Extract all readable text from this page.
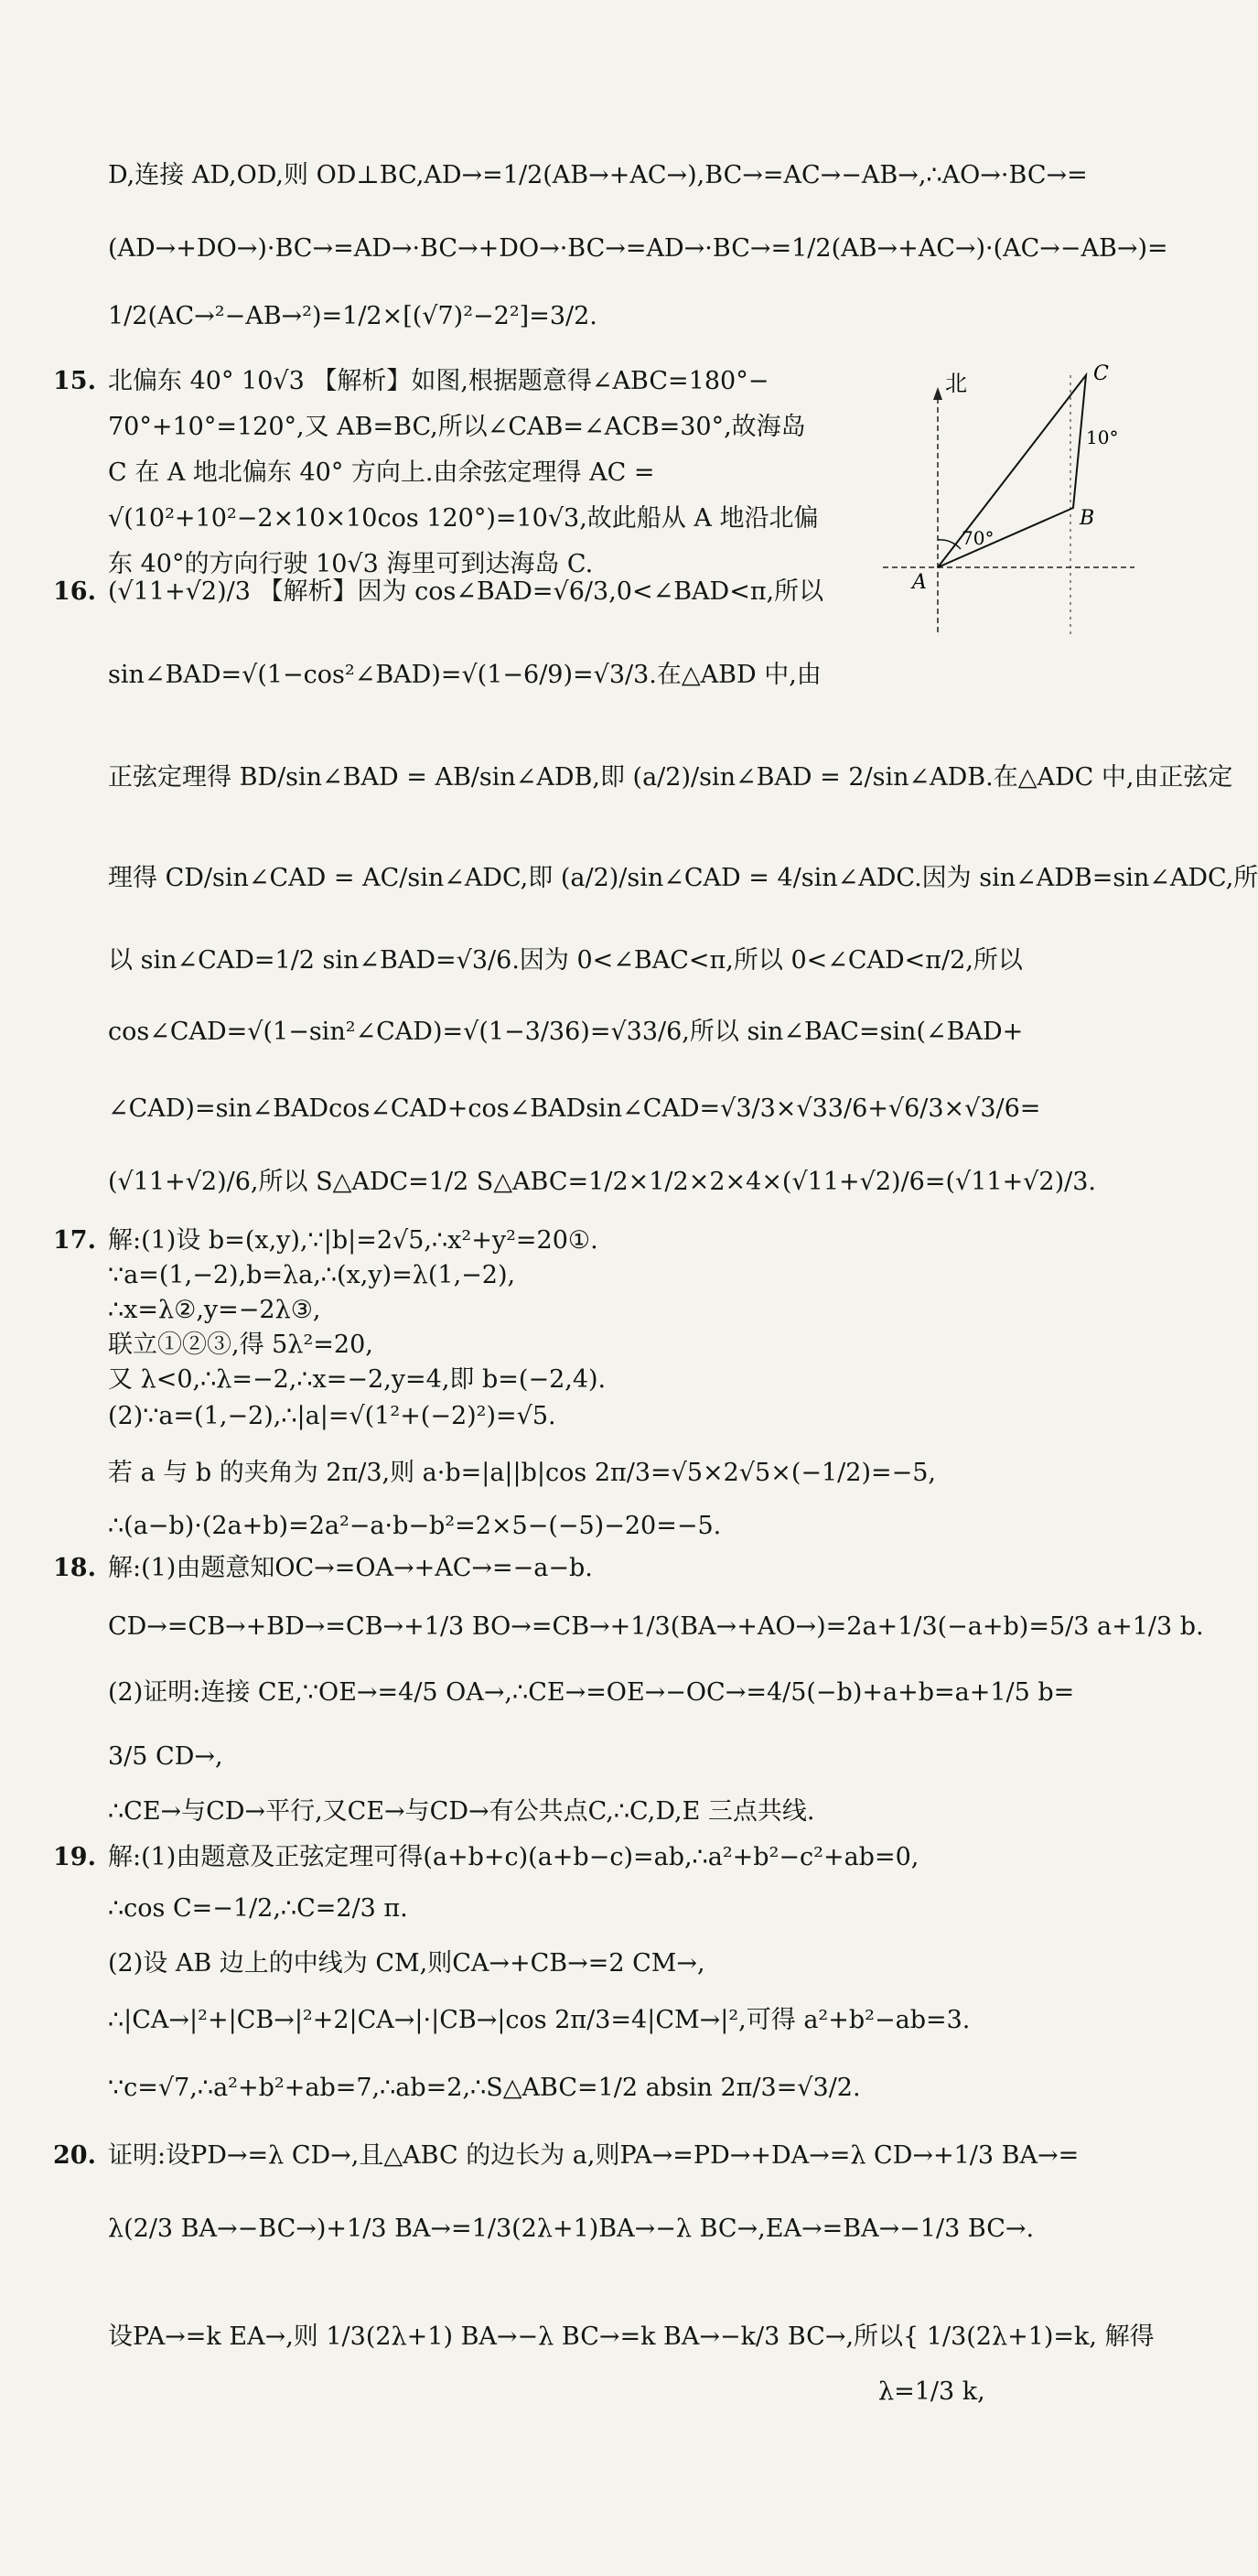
D,连接 AD,OD,则 OD⊥BC,AD→=1/2(AB→+AC→),BC→=AC→−AB→,∴AO→·BC→=
(AD→+DO→)·BC→=AD→·BC→+DO→·BC→=AD→·BC→=1/2(AB→+AC→)·(AC→−AB→)=
1/2(AC→²−AB→²)=1/2×[(√7)²−2²]=3/2.
15. 北偏东 40° 10√3 【解析】如图,根据题意得∠ABC=180°−
70°+10°=120°,又 AB=BC,所以∠CAB=∠ACB=30°,故海岛
C 在 A 地北偏东 40° 方向上.由余弦定理得 AC =
√(10²+10²−2×10×10cos 120°)=10√3,故此船从 A 地沿北偏
东 40°的方向行驶 10√3 海里可到达海岛 C.
北
A
B
C
70°
10°
16. (√11+√2)/3 【解析】因为 cos∠BAD=√6/3,0<∠BAD<π,所以
sin∠BAD=√(1−cos²∠BAD)=√(1−6/9)=√3/3.在△ABD 中,由
正弦定理得 BD/sin∠BAD = AB/sin∠ADB,即 (a/2)/sin∠BAD = 2/sin∠ADB.在△ADC 中,由正弦定
理得 CD/sin∠CAD = AC/sin∠ADC,即 (a/2)/sin∠CAD = 4/sin∠ADC.因为 sin∠ADB=sin∠ADC,所
以 sin∠CAD=1/2 sin∠BAD=√3/6.因为 0<∠BAC<π,所以 0<∠CAD<π/2,所以
cos∠CAD=√(1−sin²∠CAD)=√(1−3/36)=√33/6,所以 sin∠BAC=sin(∠BAD+
∠CAD)=sin∠BADcos∠CAD+cos∠BADsin∠CAD=√3/3×√33/6+√6/3×√3/6=
(√11+√2)/6,所以 S△ADC=1/2 S△ABC=1/2×1/2×2×4×(√11+√2)/6=(√11+√2)/3.
17. 解:(1)设 b=(x,y),∵|b|=2√5,∴x²+y²=20①.
∵a=(1,−2),b=λa,∴(x,y)=λ(1,−2),
∴x=λ②,y=−2λ③,
联立①②③,得 5λ²=20,
又 λ<0,∴λ=−2,∴x=−2,y=4,即 b=(−2,4).
(2)∵a=(1,−2),∴|a|=√(1²+(−2)²)=√5.
若 a 与 b 的夹角为 2π/3,则 a·b=|a||b|cos 2π/3=√5×2√5×(−1/2)=−5,
∴(a−b)·(2a+b)=2a²−a·b−b²=2×5−(−5)−20=−5.
18. 解:(1)由题意知OC→=OA→+AC→=−a−b.
CD→=CB→+BD→=CB→+1/3 BO→=CB→+1/3(BA→+AO→)=2a+1/3(−a+b)=5/3 a+1/3 b.
(2)证明:连接 CE,∵OE→=4/5 OA→,∴CE→=OE→−OC→=4/5(−b)+a+b=a+1/5 b=
3/5 CD→,
∴CE→与CD→平行,又CE→与CD→有公共点C,∴C,D,E 三点共线.
19. 解:(1)由题意及正弦定理可得(a+b+c)(a+b−c)=ab,∴a²+b²−c²+ab=0,
∴cos C=−1/2,∴C=2/3 π.
(2)设 AB 边上的中线为 CM,则CA→+CB→=2 CM→,
∴|CA→|²+|CB→|²+2|CA→|·|CB→|cos 2π/3=4|CM→|²,可得 a²+b²−ab=3.
∵c=√7,∴a²+b²+ab=7,∴ab=2,∴S△ABC=1/2 absin 2π/3=√3/2.
20. 证明:设PD→=λ CD→,且△ABC 的边长为 a,则PA→=PD→+DA→=λ CD→+1/3 BA→=
λ(2/3 BA→−BC→)+1/3 BA→=1/3(2λ+1)BA→−λ BC→,EA→=BA→−1/3 BC→.
设PA→=k EA→,则 1/3(2λ+1) BA→−λ BC→=k BA→−k/3 BC→,所以{ 1/3(2λ+1)=k, 解得
λ=1/3 k,
